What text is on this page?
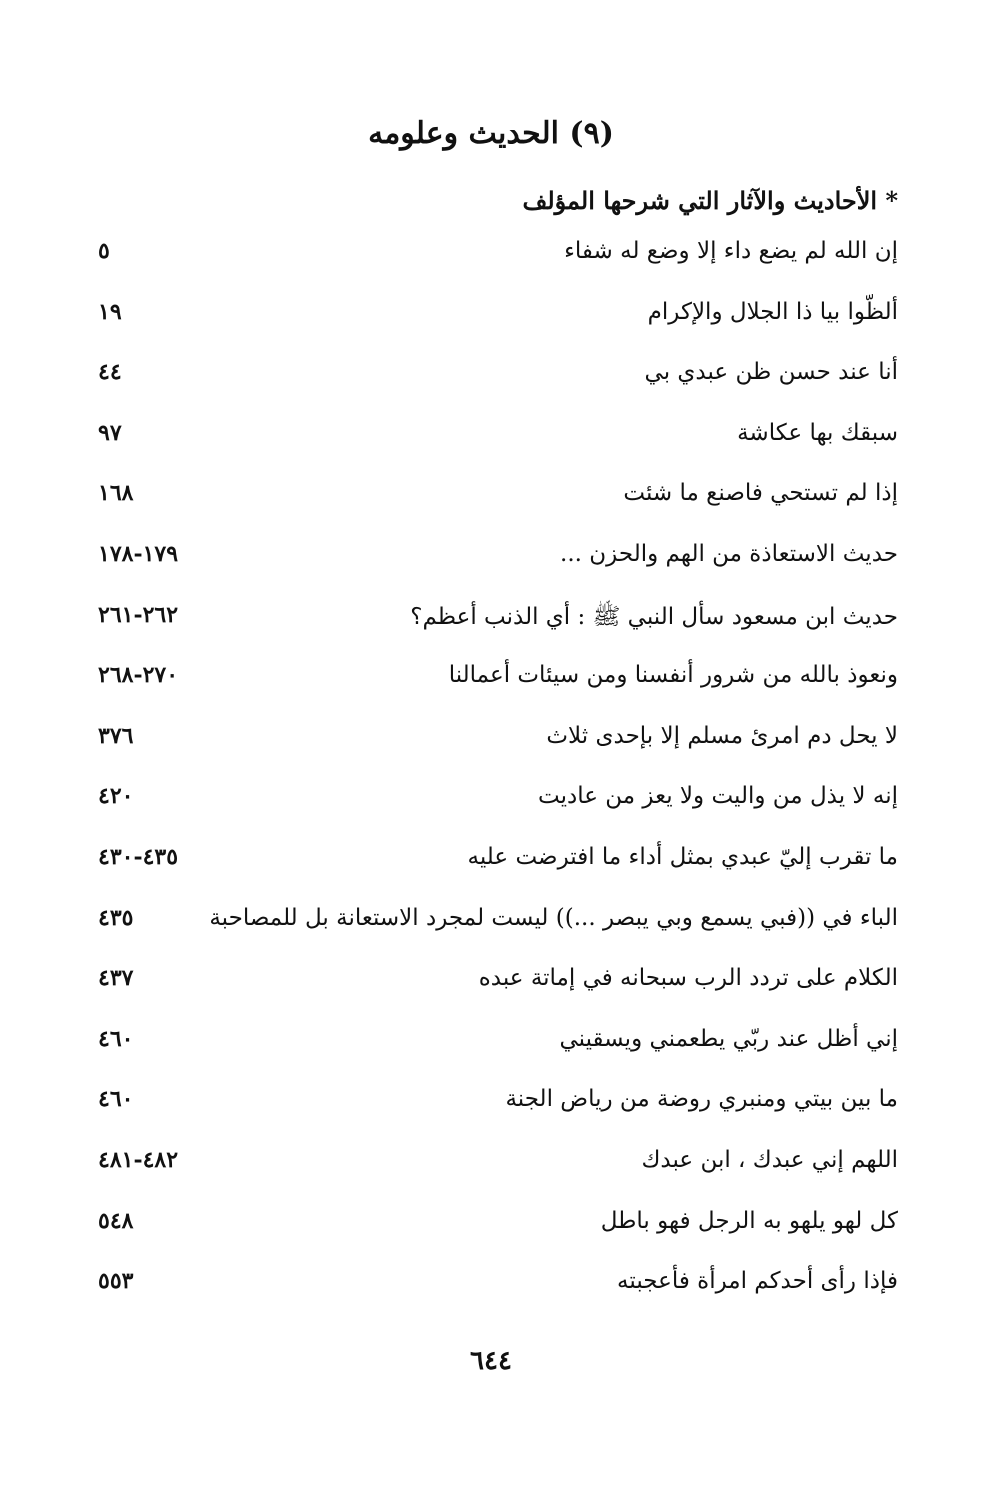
(٩) الحديث وعلومه
* الأحاديث والآثار التي شرحها المؤلف
إن الله لم يضع داء إلا وضع له شفاء
٥
ألظّوا بيا ذا الجلال والإكرام
١٩
أنا عند حسن ظن عبدي بي
٤٤
سبقك بها عكاشة
٩٧
إذا لم تستحي فاصنع ما شئت
١٦٨
حديث الاستعاذة من الهم والحزن ...
١٧٩-١٧٨
حديث ابن مسعود سأل النبي ﷺ : أي الذنب أعظم؟
٢٦٢-٢٦١
ونعوذ بالله من شرور أنفسنا ومن سيئات أعمالنا
٢٧٠-٢٦٨
لا يحل دم امرئ مسلم إلا بإحدى ثلاث
٣٧٦
إنه لا يذل من واليت ولا يعز من عاديت
٤٢٠
ما تقرب إليّ عبدي بمثل أداء ما افترضت عليه
٤٣٥-٤٣٠
الباء في ((فبي يسمع وبي يبصر ...)) ليست لمجرد الاستعانة بل للمصاحبة
٤٣٥
الكلام على تردد الرب سبحانه في إماتة عبده
٤٣٧
إني أظل عند ربّي يطعمني ويسقيني
٤٦٠
ما بين بيتي ومنبري روضة من رياض الجنة
٤٦٠
اللهم إني عبدك ، ابن عبدك
٤٨٢-٤٨١
كل لهو يلهو به الرجل فهو باطل
٥٤٨
فإذا رأى أحدكم امرأة فأعجبته
٥٥٣
٦٤٤
